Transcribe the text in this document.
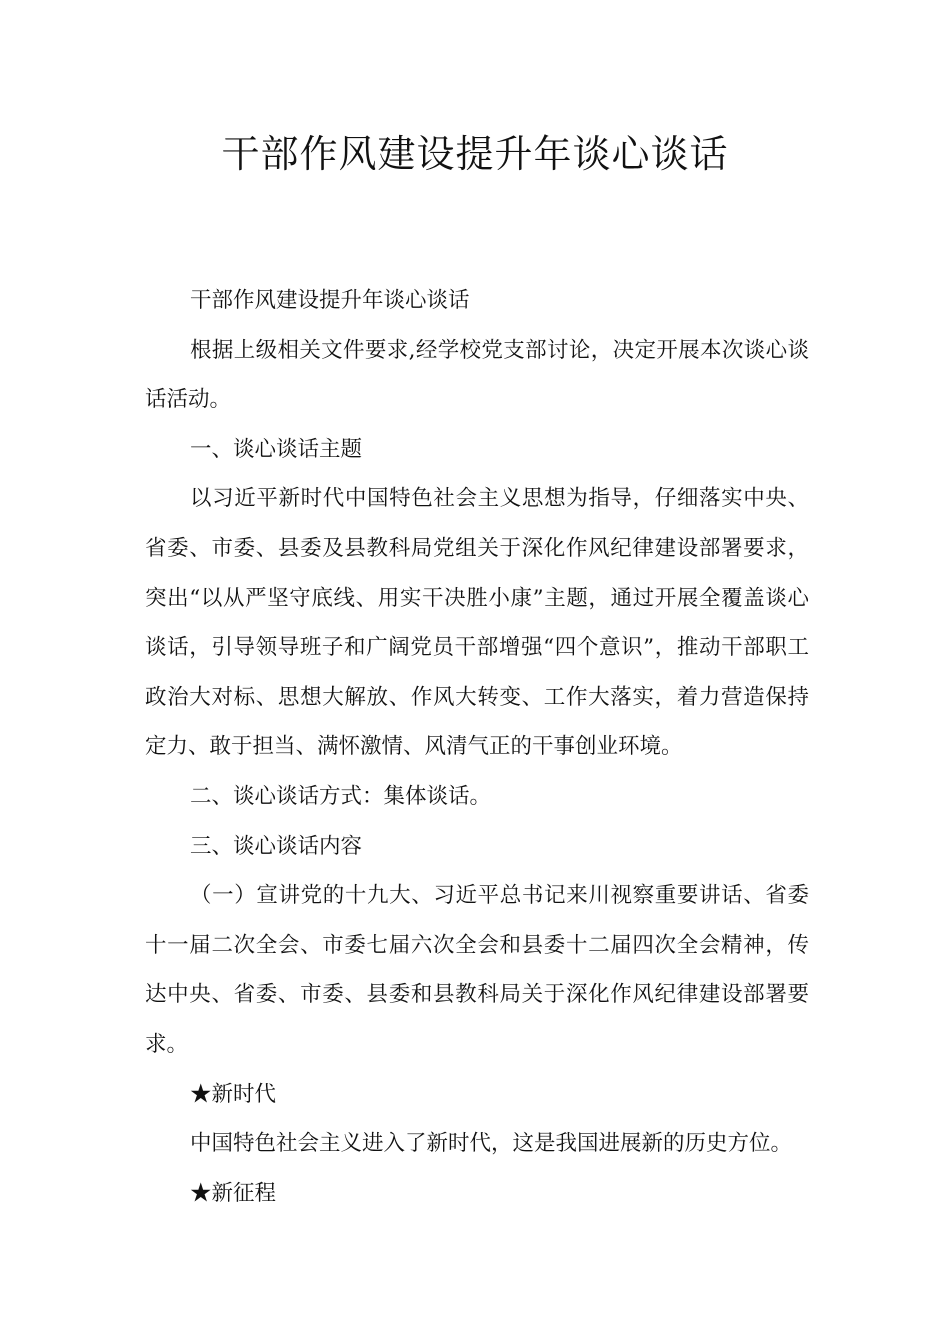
干部作风建设提升年谈心谈话

干部作风建设提升年谈心谈话

根据上级相关文件要求,经学校党支部讨论，决定开展本次谈心谈话活动。

一、谈心谈话主题

以习近平新时代中国特色社会主义思想为指导，仔细落实中央、省委、市委、县委及县教科局党组关于深化作风纪律建设部署要求，突出“以从严坚守底线、用实干决胜小康”主题，通过开展全覆盖谈心谈话，引导领导班子和广阔党员干部增强“四个意识”，推动干部职工政治大对标、思想大解放、作风大转变、工作大落实，着力营造保持定力、敢于担当、满怀激情、风清气正的干事创业环境。

二、谈心谈话方式：集体谈话。

三、谈心谈话内容

（一）宣讲党的十九大、习近平总书记来川视察重要讲话、省委十一届二次全会、市委七届六次全会和县委十二届四次全会精神，传达中央、省委、市委、县委和县教科局关于深化作风纪律建设部署要求。

★新时代

中国特色社会主义进入了新时代，这是我国进展新的历史方位。

★新征程
